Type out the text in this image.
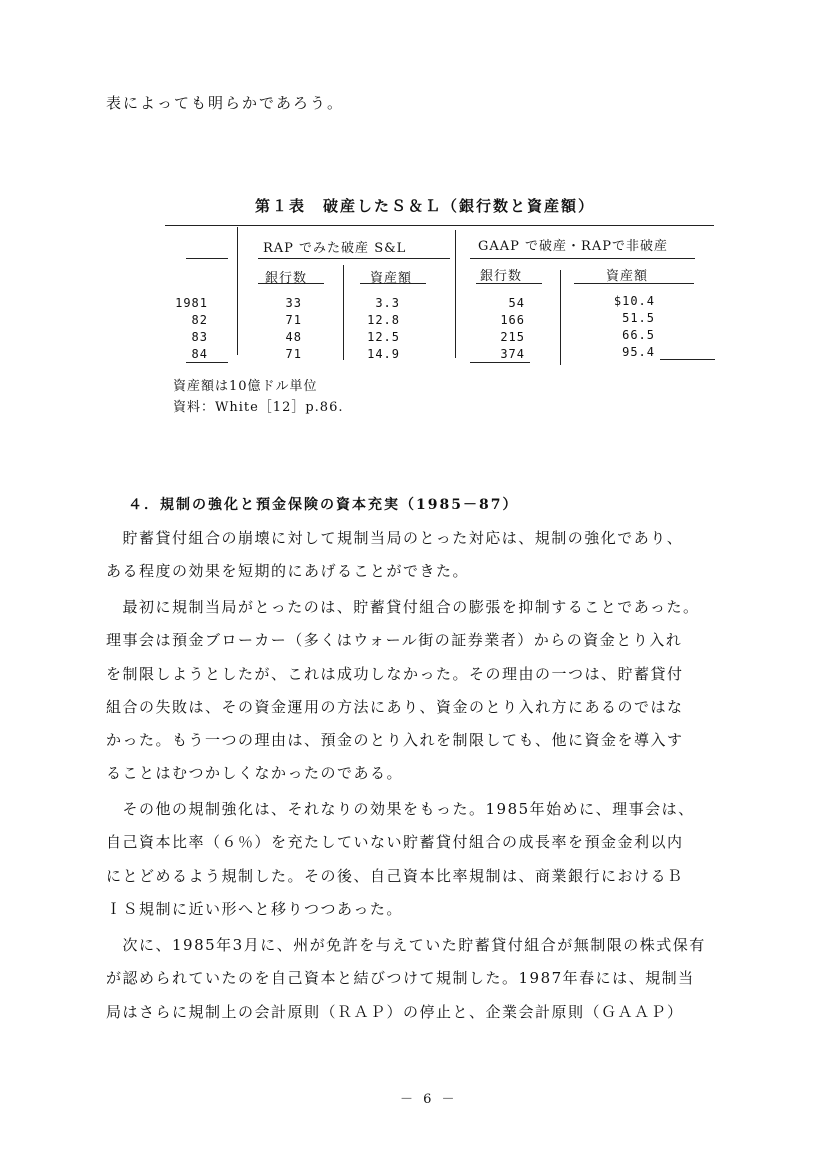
表によっても明らかであろう。
第１表　破産したＳ＆Ｌ（銀行数と資産額）
RAP でみた破産 S&L	GAAP で破産・RAPで非破産
銀行数	資産額	銀行数	資産額
1981	33	3.3	54	$10.4
82	71	12.8	166	51.5
83	48	12.5	215	66.5
84	71	14.9	374	95.4
資産額は10億ドル単位
資料：White［12］p.86.
４．規制の強化と預金保険の資本充実（1985－87）

　貯蓄貸付組合の崩壊に対して規制当局のとった対応は、規制の強化であり、
ある程度の効果を短期的にあげることができた。

　最初に規制当局がとったのは、貯蓄貸付組合の膨張を抑制することであった。
理事会は預金ブローカー（多くはウォール街の証券業者）からの資金とり入れ
を制限しようとしたが、これは成功しなかった。その理由の一つは、貯蓄貸付
組合の失敗は、その資金運用の方法にあり、資金のとり入れ方にあるのではな
かった。もう一つの理由は、預金のとり入れを制限しても、他に資金を導入す
ることはむつかしくなかったのである。

　その他の規制強化は、それなりの効果をもった。1985年始めに、理事会は、
自己資本比率（６％）を充たしていない貯蓄貸付組合の成長率を預金金利以内
にとどめるよう規制した。その後、自己資本比率規制は、商業銀行におけるＢ
ＩＳ規制に近い形へと移りつつあった。

　次に、1985年3月に、州が免許を与えていた貯蓄貸付組合が無制限の株式保有
が認められていたのを自己資本と結びつけて規制した。1987年春には、規制当
局はさらに規制上の会計原則（ＲＡＰ）の停止と、企業会計原則（ＧＡＡＰ）

－ 6 －
